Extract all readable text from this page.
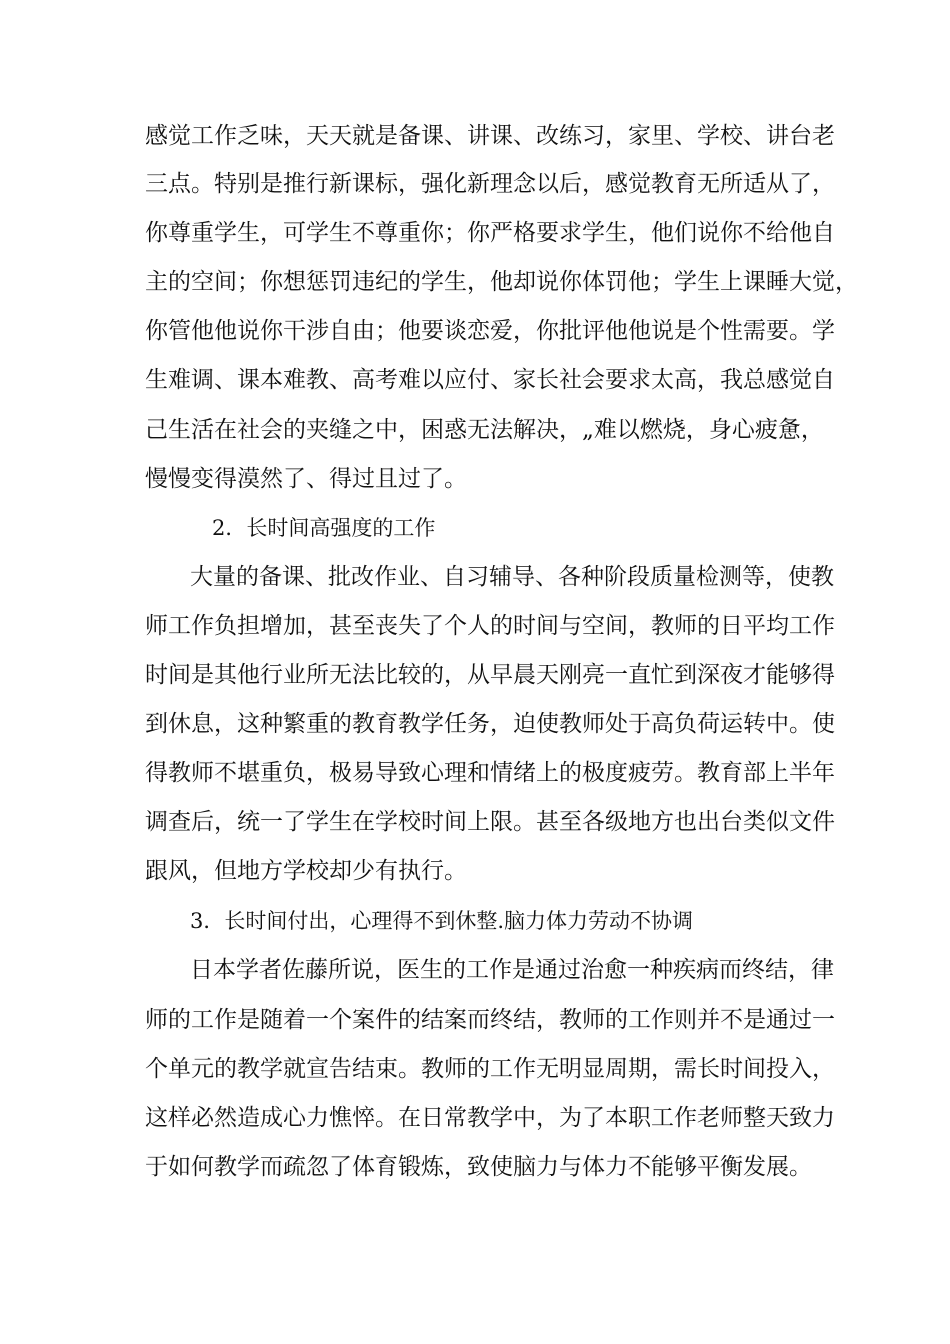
感觉工作乏味，天天就是备课、讲课、改练习，家里、学校、讲台老
三点。特别是推行新课标，强化新理念以后，感觉教育无所适从了，
你尊重学生，可学生不尊重你；你严格要求学生，他们说你不给他自
主的空间；你想惩罚违纪的学生，他却说你体罚他；学生上课睡大觉，
你管他他说你干涉自由；他要谈恋爱，你批评他他说是个性需要。学
生难调、课本难教、高考难以应付、家长社会要求太高，我总感觉自
己生活在社会的夹缝之中，困惑无法解决，„难以燃烧，身心疲惫，
慢慢变得漠然了、得过且过了。
2．长时间高强度的工作
大量的备课、批改作业、自习辅导、各种阶段质量检测等，使教
师工作负担增加，甚至丧失了个人的时间与空间，教师的日平均工作
时间是其他行业所无法比较的，从早晨天刚亮一直忙到深夜才能够得
到休息，这种繁重的教育教学任务，迫使教师处于高负荷运转中。使
得教师不堪重负，极易导致心理和情绪上的极度疲劳。教育部上半年
调查后，统一了学生在学校时间上限。甚至各级地方也出台类似文件
跟风，但地方学校却少有执行。
3．长时间付出，心理得不到休整.脑力体力劳动不协调
日本学者佐藤所说，医生的工作是通过治愈一种疾病而终结，律
师的工作是随着一个案件的结案而终结，教师的工作则并不是通过一
个单元的教学就宣告结束。教师的工作无明显周期，需长时间投入，
这样必然造成心力憔悴。在日常教学中，为了本职工作老师整天致力
于如何教学而疏忽了体育锻炼，致使脑力与体力不能够平衡发展。
